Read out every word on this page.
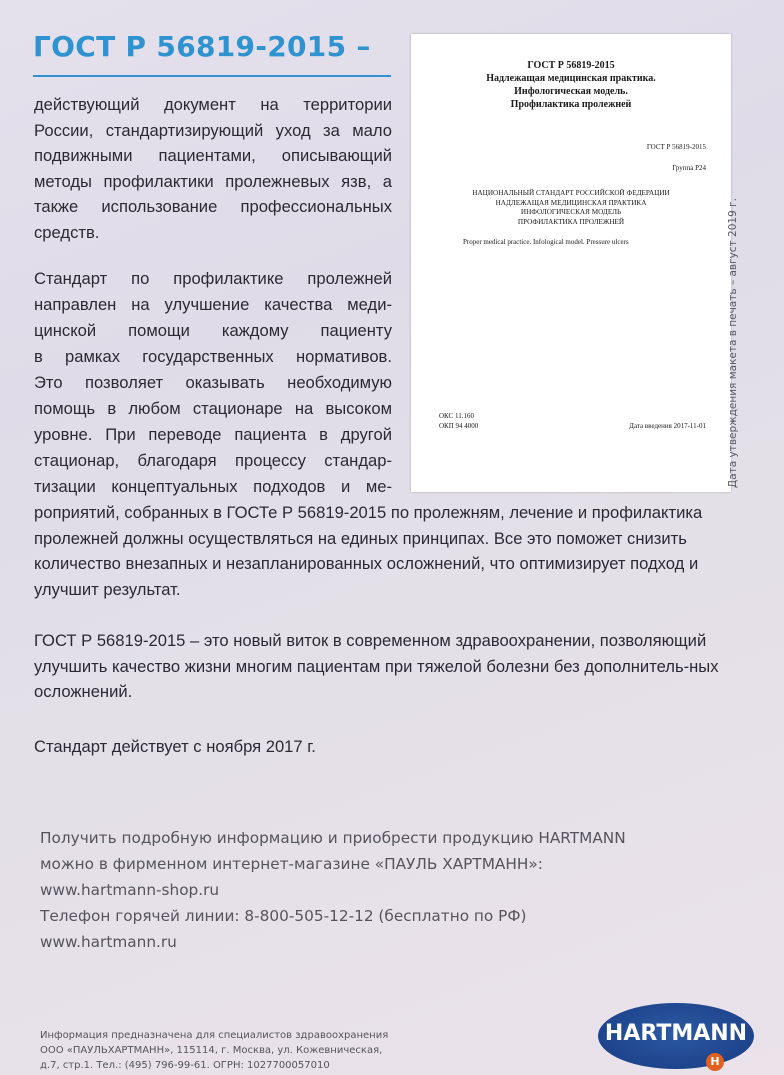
ГОСТ Р 56819-2015 –

действующий документ на территории России, стандартизирующий уход за мало подвижными пациентами, описывающий методы профилактики пролежневых язв, а также использование профессиональных средств.

Стандарт по профилактике пролежней
направлен на улучшение качества меди-
цинской помощи каждому пациенту
в рамках государственных нормативов.
Это позволяет оказывать необходимую
помощь в любом стационаре на высоком
уровне. При переводе пациента в другой
стационар, благодаря процессу стандар-
тизации концептуальных подходов и ме-

роприятий, собранных в ГОСТе Р 56819-2015 по пролежням, лечение и профилактика пролежней должны осуществляться на единых принципах. Все это поможет снизить количество внезапных и незапланированных осложнений, что оптимизирует подход и улучшит результат.

ГОСТ Р 56819-2015 – это новый виток в современном здравоохранении, позволяющий улучшить качество жизни многим пациентам при тяжелой болезни без дополнитель-ных осложнений.

Стандарт действует с ноября 2017 г.

ГОСТ Р 56819-2015
Надлежащая медицинская практика.
Инфологическая модель.
Профилактика пролежней
ГОСТ Р 56819-2015
Группа Р24
НАЦИОНАЛЬНЫЙ СТАНДАРТ РОССИЙСКОЙ ФЕДЕРАЦИИ
НАДЛЕЖАЩАЯ МЕДИЦИНСКАЯ ПРАКТИКА
ИНФОЛОГИЧЕСКАЯ МОДЕЛЬ
ПРОФИЛАКТИКА ПРОЛЕЖНЕЙ
Proper medical practice. Infological model. Pressure ulcers
ОКС 11.160
ОКП 94 4000	Дата введения 2017-11-01 Дата утверждения макета в печать – август 2019 г.
Получить подробную информацию и приобрести продукцию HARTMANN
можно в фирменном интернет-магазине «ПАУЛЬ ХАРТМАНН»:
www.hartmann-shop.ru
Телефон горячей линии: 8-800-505-12-12 (бесплатно по РФ)
www.hartmann.ru
Информация предназначена для специалистов здравоохранения
ООО «ПАУЛЬХАРТМАНН», 115114, г. Москва, ул. Кожевническая,
д.7, стр.1. Тел.: (495) 796-99-61. ОГРН: 1027700057010
HARTMANN
H
